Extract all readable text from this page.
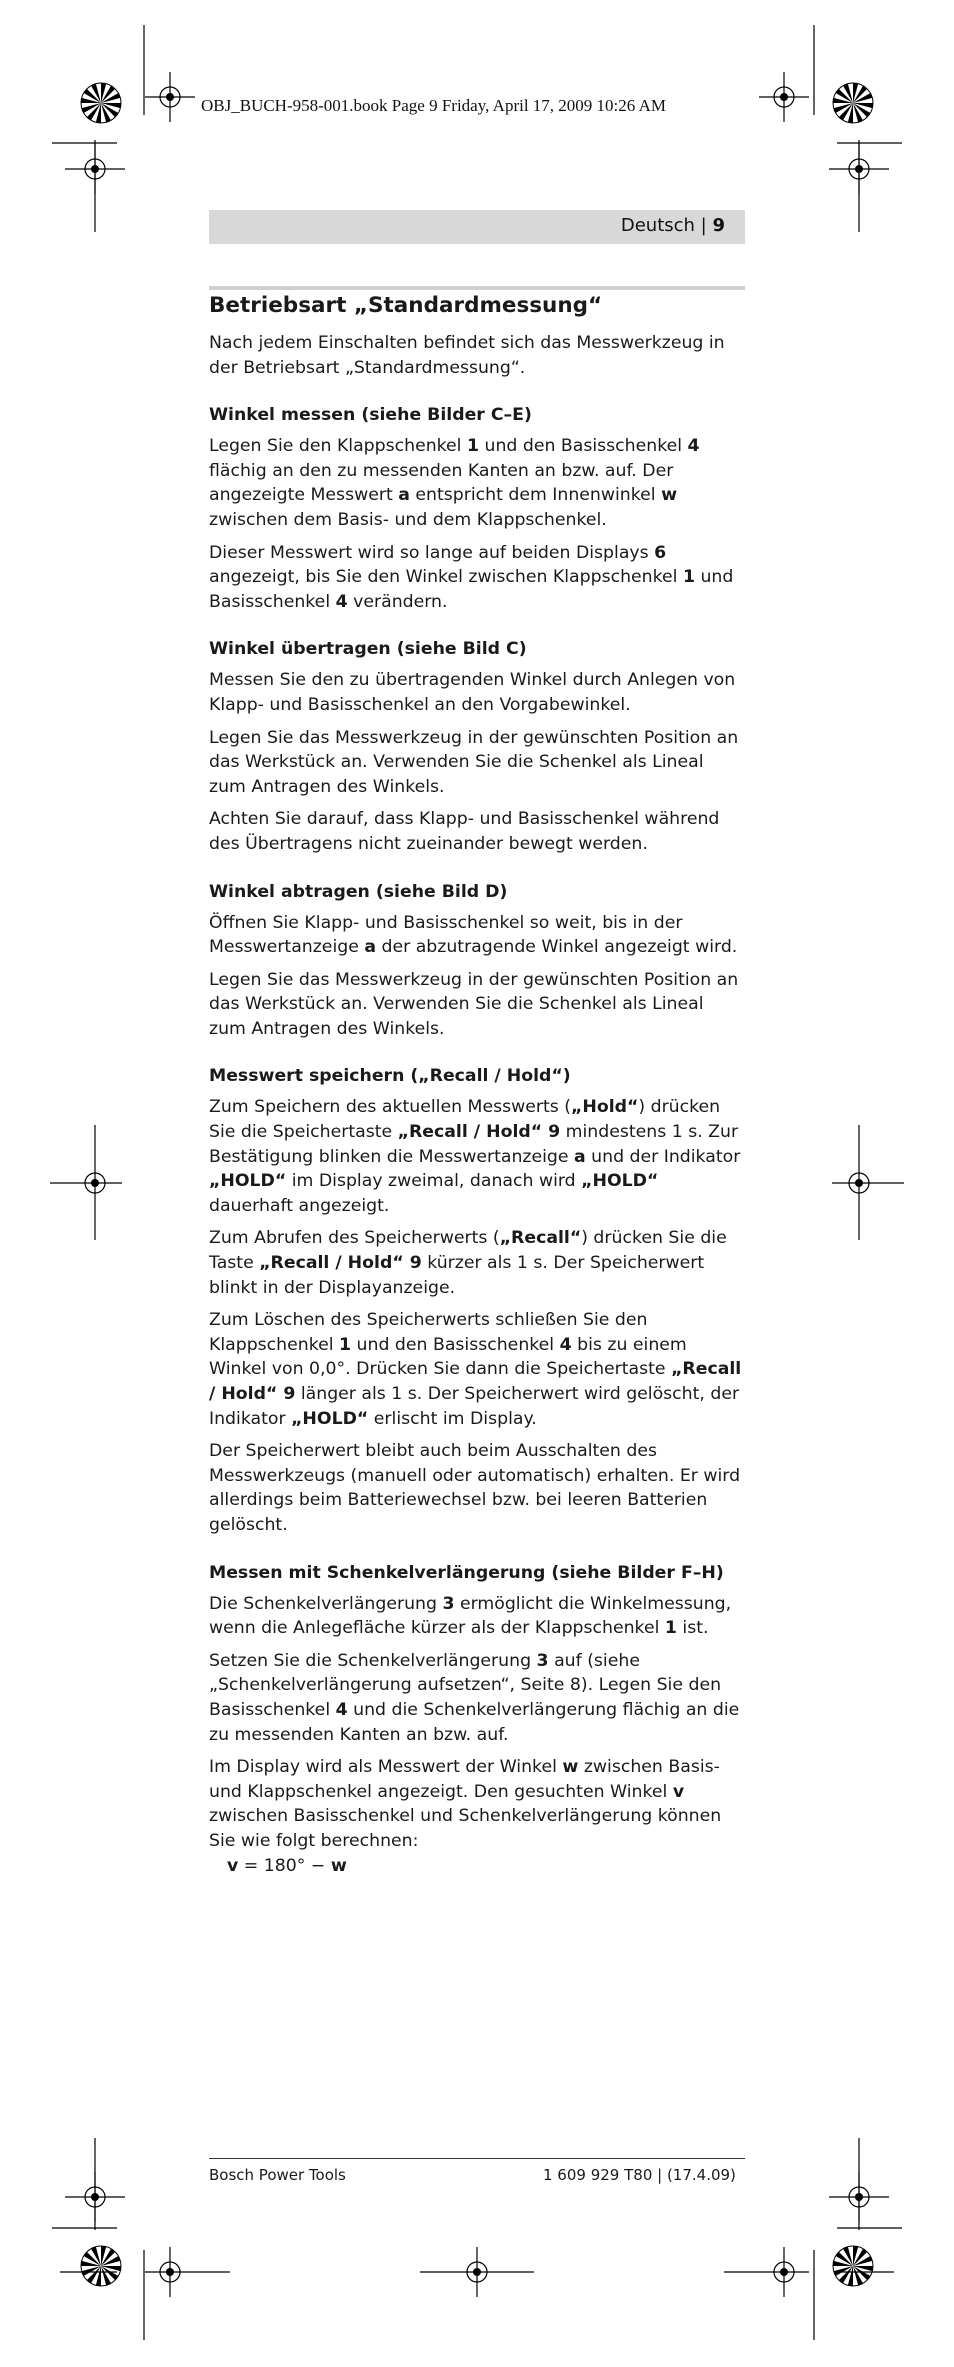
OBJ_BUCH-958-001.book Page 9 Friday, April 17, 2009 10:26 AM
Deutsch | 9
Betriebsart „Standardmessung“

Nach jedem Einschalten befindet sich das Messwerkzeug in der Betriebsart „Standardmessung“.

Winkel messen (siehe Bilder C–E)

Legen Sie den Klappschenkel 1 und den Basisschenkel 4 flächig an den zu messenden Kanten an bzw. auf. Der angezeigte Messwert a entspricht dem Innenwinkel w zwischen dem Basis- und dem Klappschenkel.

Dieser Messwert wird so lange auf beiden Displays 6 angezeigt, bis Sie den Winkel zwischen Klappschenkel 1 und Basisschenkel 4 verändern.

Winkel übertragen (siehe Bild C)

Messen Sie den zu übertragenden Winkel durch Anlegen von Klapp- und Basisschenkel an den Vorgabewinkel.

Legen Sie das Messwerkzeug in der gewünschten Position an das Werkstück an. Verwenden Sie die Schenkel als Lineal zum Antragen des Winkels.

Achten Sie darauf, dass Klapp- und Basisschenkel während des Übertragens nicht zueinander bewegt werden.

Winkel abtragen (siehe Bild D)

Öffnen Sie Klapp- und Basisschenkel so weit, bis in der Messwertanzeige a der abzutragende Winkel angezeigt wird.

Legen Sie das Messwerkzeug in der gewünschten Position an das Werkstück an. Verwenden Sie die Schenkel als Lineal zum Antragen des Winkels.

Messwert speichern („Recall / Hold“)

Zum Speichern des aktuellen Messwerts („Hold“) drücken Sie die Speichertaste „Recall / Hold“ 9 mindestens 1 s. Zur Bestätigung blinken die Messwertanzeige a und der Indikator „HOLD“ im Display zweimal, danach wird „HOLD“ dauerhaft angezeigt.

Zum Abrufen des Speicherwerts („Recall“) drücken Sie die Taste „Recall / Hold“ 9 kürzer als 1 s. Der Speicherwert blinkt in der Displayanzeige.

Zum Löschen des Speicherwerts schließen Sie den Klappschenkel 1 und den Basisschenkel 4 bis zu einem Winkel von 0,0°. Drücken Sie dann die Speichertaste „Recall / Hold“ 9 länger als 1 s. Der Speicherwert wird gelöscht, der Indikator „HOLD“ erlischt im Display.

Der Speicherwert bleibt auch beim Ausschalten des Messwerkzeugs (manuell oder automatisch) erhalten. Er wird allerdings beim Batteriewechsel bzw. bei leeren Batterien gelöscht.

Messen mit Schenkelverlängerung (siehe Bilder F–H)

Die Schenkelverlängerung 3 ermöglicht die Winkelmessung, wenn die Anlegefläche kürzer als der Klappschenkel 1 ist.

Setzen Sie die Schenkelverlängerung 3 auf (siehe „Schenkelverlängerung aufsetzen“, Seite 8). Legen Sie den Basisschenkel 4 und die Schenkelverlängerung flächig an die zu messenden Kanten an bzw. auf.

Im Display wird als Messwert der Winkel w zwischen Basis- und Klappschenkel angezeigt. Den gesuchten Winkel v zwischen Basisschenkel und Schenkelverlängerung können Sie wie folgt berechnen:

v = 180° − w

Bosch Power Tools	1 609 929 T80 | (17.4.09)
